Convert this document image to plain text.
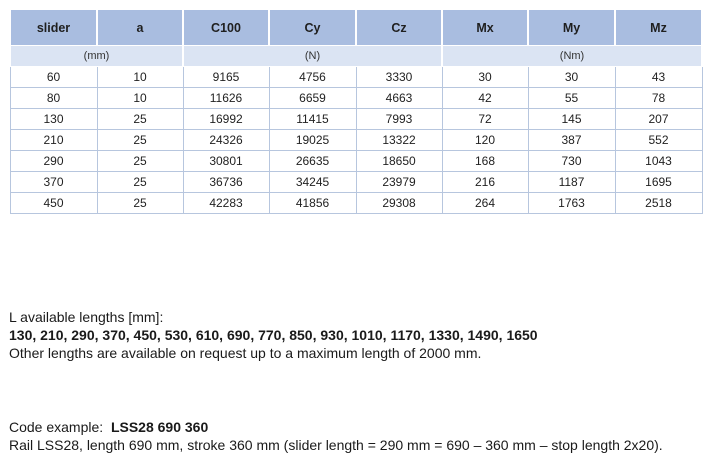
slider	a	C100	Cy	Cz	Mx	My	Mz
(mm)		(N)			(Nm)		
60	10	9165	4756	3330	30	30	43
80	10	11626	6659	4663	42	55	78
130	25	16992	11415	7993	72	145	207
210	25	24326	19025	13322	120	387	552
290	25	30801	26635	18650	168	730	1043
370	25	36736	34245	23979	216	1187	1695
450	25	42283	41856	29308	264	1763	2518
L available lengths [mm]:
130, 210, 290, 370, 450, 530, 610, 690, 770, 850, 930, 1010, 1170, 1330, 1490, 1650
Other lengths are available on request up to a maximum length of 2000 mm.
Code example: LSS28 690 360
Rail LSS28, length 690 mm, stroke 360 mm (slider length = 290 mm = 690 – 360 mm – stop length 2x20).
